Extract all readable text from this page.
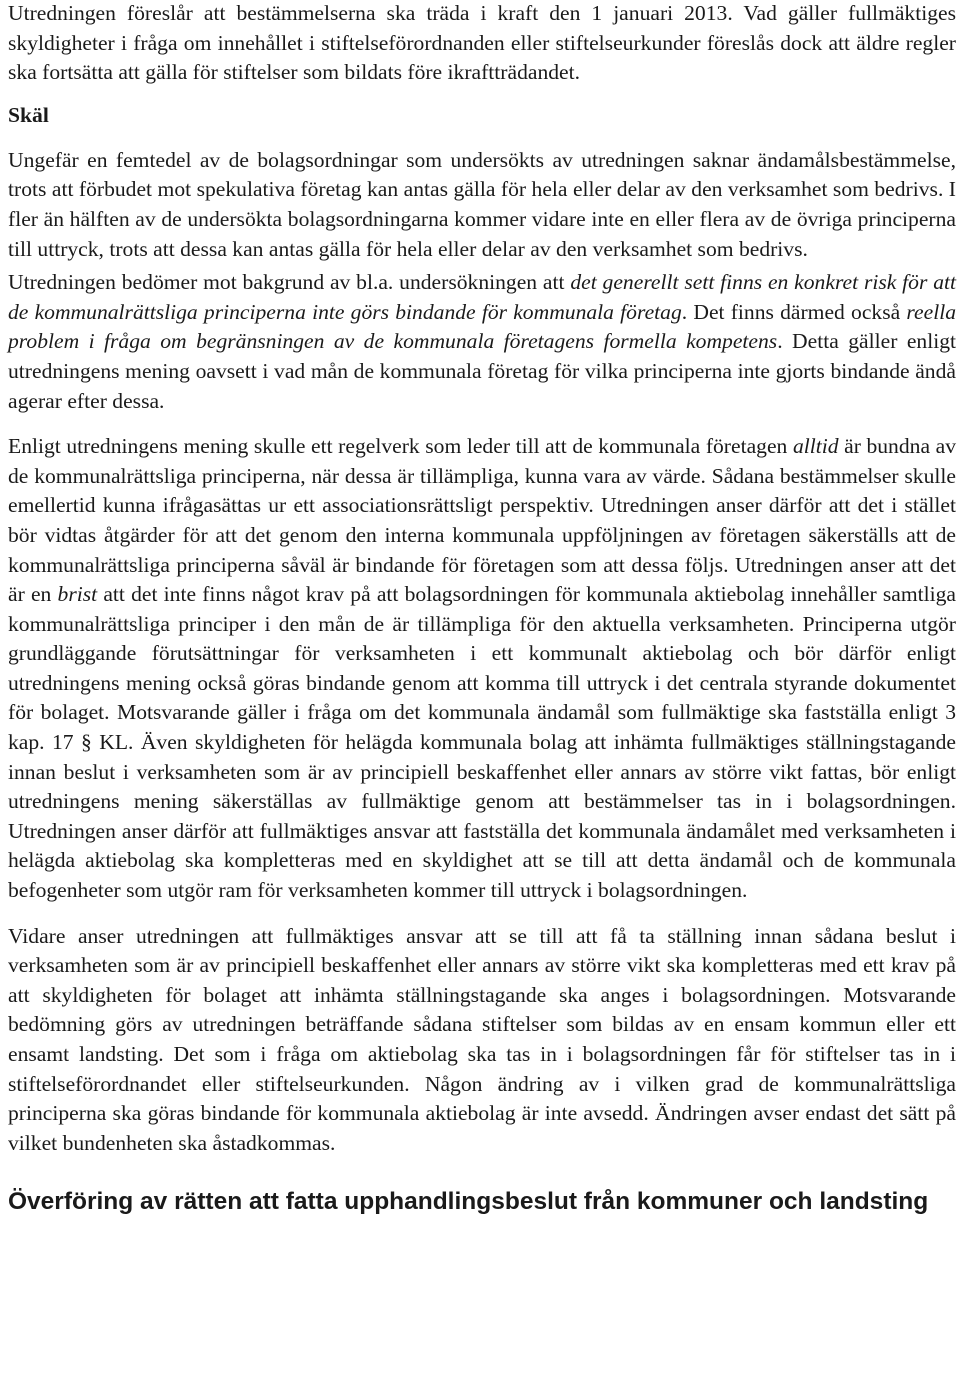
Utredningen föreslår att bestämmelserna ska träda i kraft den 1 januari 2013. Vad gäller fullmäktiges skyldigheter i fråga om innehållet i stiftelseförordnanden eller stiftelseurkunder föreslås dock att äldre regler ska fortsätta att gälla för stiftelser som bildats före ikraftträdandet.

Skäl

Ungefär en femtedel av de bolagsordningar som undersökts av utredningen saknar ändamålsbestämmelse, trots att förbudet mot spekulativa företag kan antas gälla för hela eller delar av den verksamhet som bedrivs. I fler än hälften av de undersökta bolagsordningarna kommer vidare inte en eller flera av de övriga principerna till uttryck, trots att dessa kan antas gälla för hela eller delar av den verksamhet som bedrivs.

Utredningen bedömer mot bakgrund av bl.a. undersökningen att det generellt sett finns en konkret risk för att de kommunalrättsliga principerna inte görs bindande för kommunala företag. Det finns därmed också reella problem i fråga om begränsningen av de kommunala företagens formella kompetens. Detta gäller enligt utredningens mening oavsett i vad mån de kommunala företag för vilka principerna inte gjorts bindande ändå agerar efter dessa.

Enligt utredningens mening skulle ett regelverk som leder till att de kommunala företagen alltid är bundna av de kommunalrättsliga principerna, när dessa är tillämpliga, kunna vara av värde. Sådana bestämmelser skulle emellertid kunna ifrågasättas ur ett associationsrättsligt perspektiv. Utredningen anser därför att det i stället bör vidtas åtgärder för att det genom den interna kommunala uppföljningen av företagen säkerställs att de kommunalrättsliga principerna såväl är bindande för företagen som att dessa följs. Utredningen anser att det är en brist att det inte finns något krav på att bolagsordningen för kommunala aktiebolag innehåller samtliga kommunalrättsliga principer i den mån de är tillämpliga för den aktuella verksamheten. Principerna utgör grundläggande förutsättningar för verksamheten i ett kommunalt aktiebolag och bör därför enligt utredningens mening också göras bindande genom att komma till uttryck i det centrala styrande dokumentet för bolaget. Motsvarande gäller i fråga om det kommunala ändamål som fullmäktige ska fastställa enligt 3 kap. 17 § KL. Även skyldigheten för helägda kommunala bolag att inhämta fullmäktiges ställningstagande innan beslut i verksamheten som är av principiell beskaffenhet eller annars av större vikt fattas, bör enligt utredningens mening säkerställas av fullmäktige genom att bestämmelser tas in i bolagsordningen. Utredningen anser därför att fullmäktiges ansvar att fastställa det kommunala ändamålet med verksamheten i helägda aktiebolag ska kompletteras med en skyldighet att se till att detta ändamål och de kommunala befogenheter som utgör ram för verksamheten kommer till uttryck i bolagsordningen.

Vidare anser utredningen att fullmäktiges ansvar att se till att få ta ställning innan sådana beslut i verksamheten som är av principiell beskaffenhet eller annars av större vikt ska kompletteras med ett krav på att skyldigheten för bolaget att inhämta ställningstagande ska anges i bolagsordningen. Motsvarande bedömning görs av utredningen beträffande sådana stiftelser som bildas av en ensam kommun eller ett ensamt landsting. Det som i fråga om aktiebolag ska tas in i bolagsordningen får för stiftelser tas in i stiftelseförordnandet eller stiftelseurkunden. Någon ändring av i vilken grad de kommunalrättsliga principerna ska göras bindande för kommunala aktiebolag är inte avsedd. Ändringen avser endast det sätt på vilket bundenheten ska åstadkommas.

Överföring av rätten att fatta upphandlingsbeslut från kommuner och landsting
